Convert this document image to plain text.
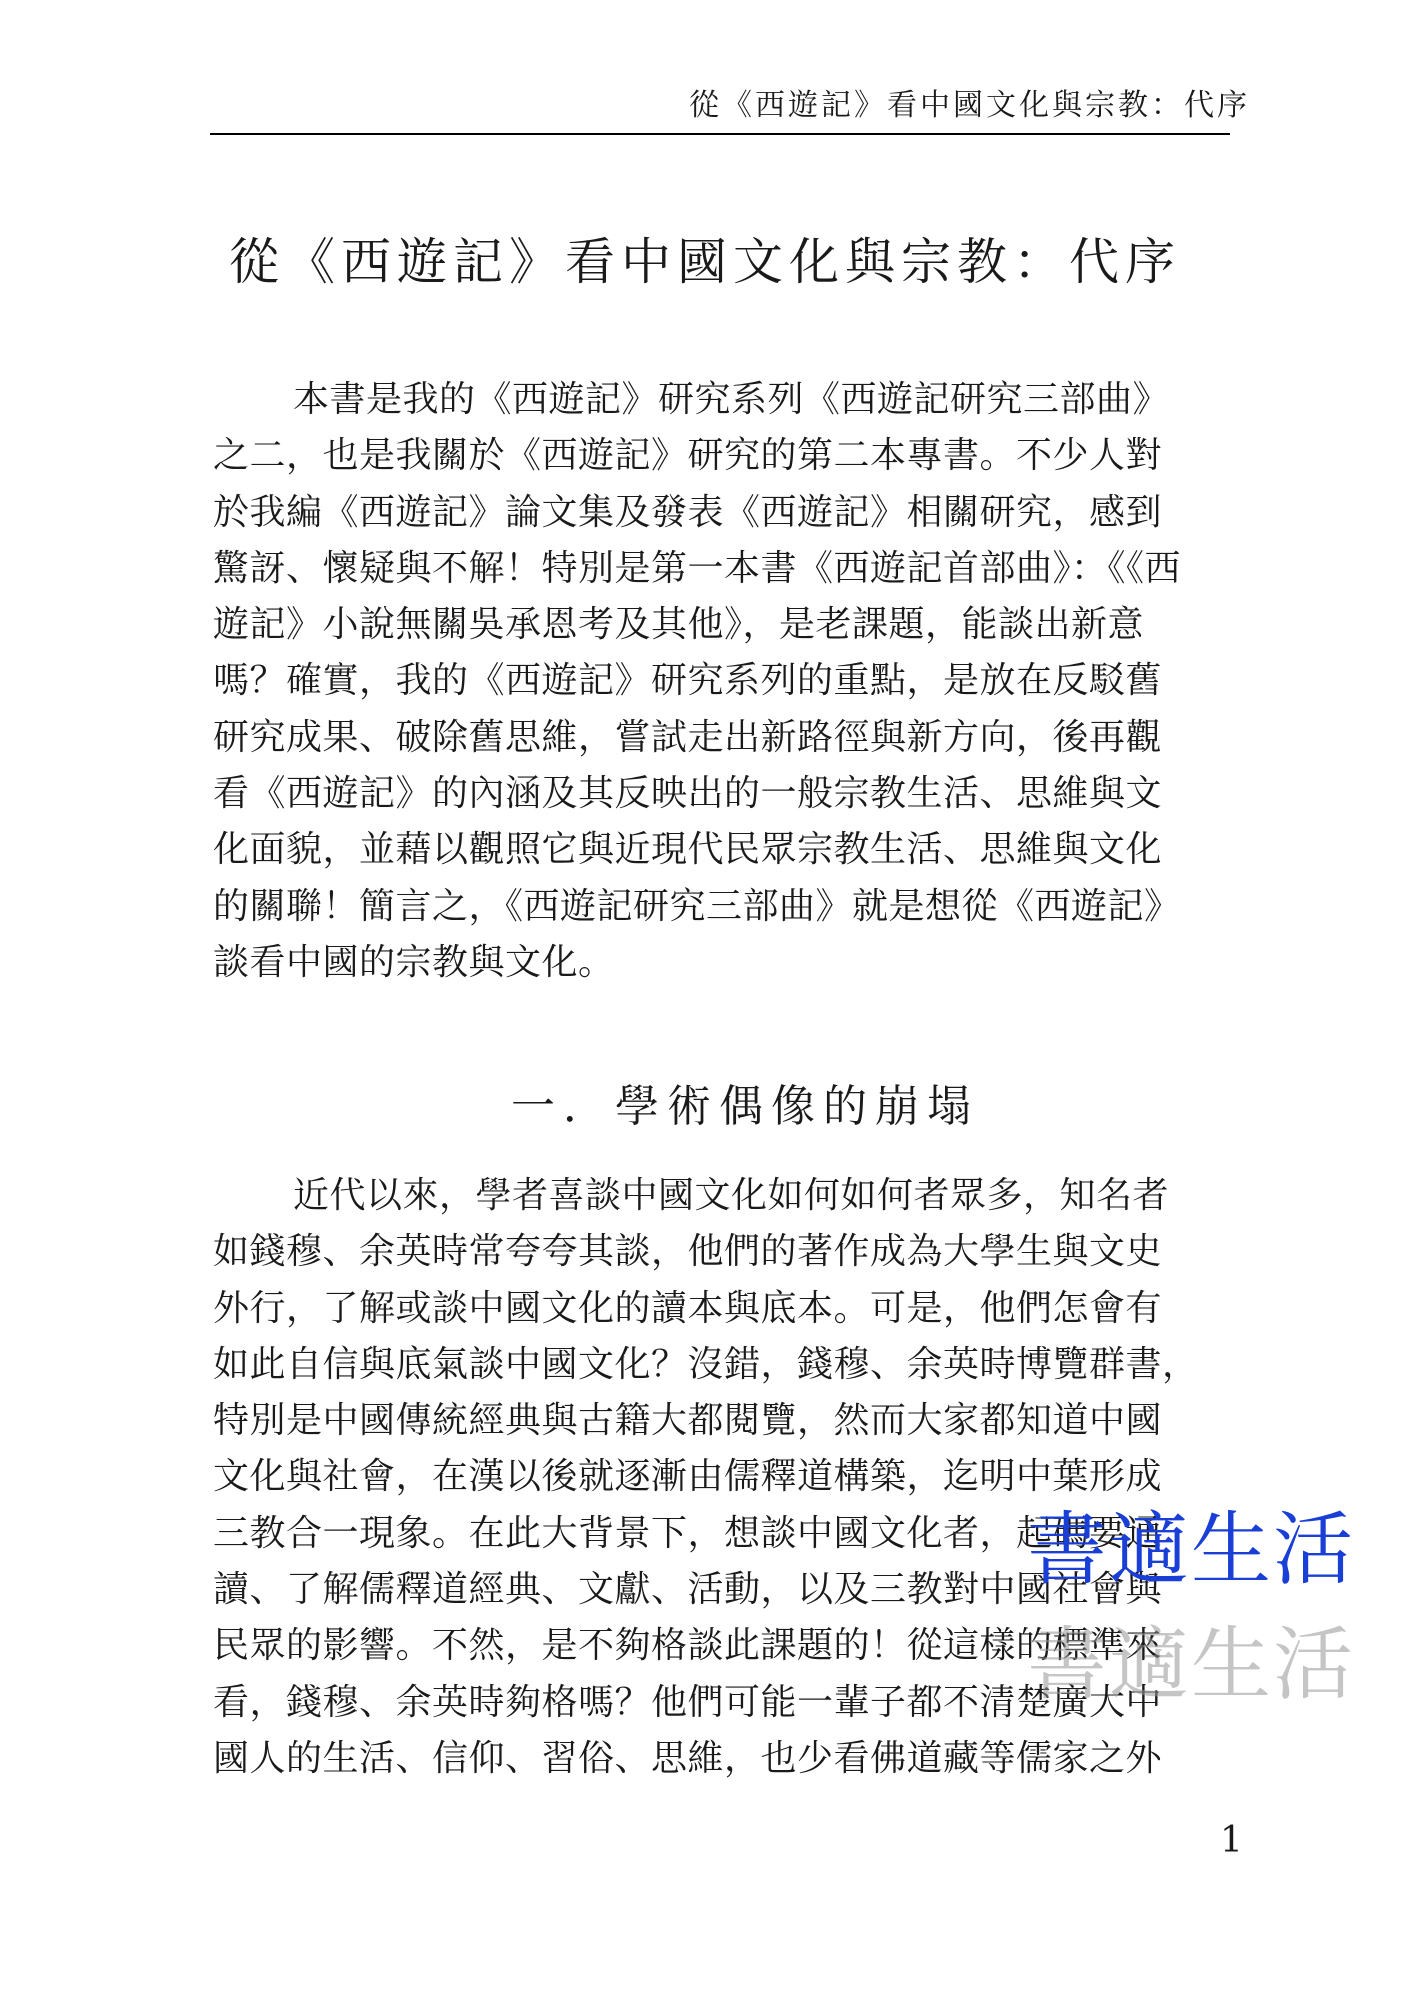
從《西遊記》看中國文化與宗教：代序
從《西遊記》看中國文化與宗教：代序
本書是我的《西遊記》研究系列《西遊記研究三部曲》
之二，也是我關於《西遊記》研究的第二本專書。不少人對
於我編《西遊記》論文集及發表《西遊記》相關研究，感到
驚訝、懷疑與不解！特別是第一本書《西遊記首部曲》：《《西
遊記》小說無關吳承恩考及其他》，是老課題，能談出新意
嗎？確實，我的《西遊記》研究系列的重點，是放在反駁舊
研究成果、破除舊思維，嘗試走出新路徑與新方向，後再觀
看《西遊記》的內涵及其反映出的一般宗教生活、思維與文
化面貌，並藉以觀照它與近現代民眾宗教生活、思維與文化
的關聯！簡言之，《西遊記研究三部曲》就是想從《西遊記》
談看中國的宗教與文化。
一．學術偶像的崩塌
近代以來，學者喜談中國文化如何如何者眾多，知名者
如錢穆、余英時常夸夸其談，他們的著作成為大學生與文史
外行，了解或談中國文化的讀本與底本。可是，他們怎會有
如此自信與底氣談中國文化？沒錯，錢穆、余英時博覽群書，
特別是中國傳統經典與古籍大都閱覽，然而大家都知道中國
文化與社會，在漢以後就逐漸由儒釋道構築，迄明中葉形成
三教合一現象。在此大背景下，想談中國文化者，起碼要通
讀、了解儒釋道經典、文獻、活動，以及三教對中國社會與
民眾的影響。不然，是不夠格談此課題的！從這樣的標準來
看，錢穆、余英時夠格嗎？他們可能一輩子都不清楚廣大中
國人的生活、信仰、習俗、思維，也少看佛道藏等儒家之外
書適生活
書適生活
1
